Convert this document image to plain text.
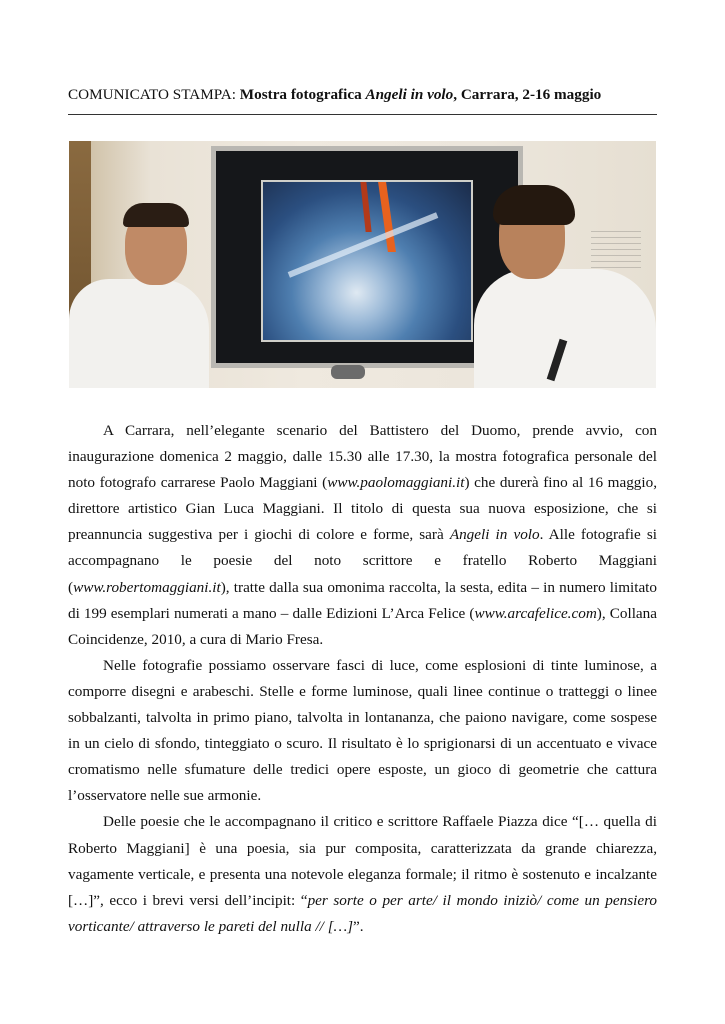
COMUNICATO STAMPA: Mostra fotografica Angeli in volo, Carrara, 2-16 maggio

A Carrara, nell’elegante scenario del Battistero del Duomo, prende avvio, con inaugurazione domenica 2 maggio, dalle 15.30 alle 17.30, la mostra fotografica personale del noto fotografo carrarese Paolo Maggiani (www.paolomaggiani.it) che durerà fino al 16 maggio, direttore artistico Gian Luca Maggiani. Il titolo di questa sua nuova esposizione, che si preannuncia suggestiva per i giochi di colore e forme, sarà Angeli in volo. Alle fotografie si accompagnano le poesie del noto scrittore e fratello Roberto Maggiani (www.robertomaggiani.it), tratte dalla sua omonima raccolta, la sesta, edita – in numero limitato di 199 esemplari numerati a mano – dalle Edizioni L’Arca Felice (www.arcafelice.com), Collana Coincidenze, 2010, a cura di Mario Fresa.

Nelle fotografie possiamo osservare fasci di luce, come esplosioni di tinte luminose, a comporre disegni e arabeschi. Stelle e forme luminose, quali linee continue o tratteggi o linee sobbalzanti, talvolta in primo piano, talvolta in lontananza, che paiono navigare, come sospese in un cielo di sfondo, tinteggiato o scuro. Il risultato è lo sprigionarsi di un accentuato e vivace cromatismo nelle sfumature delle tredici opere esposte, un gioco di geometrie che cattura l’osservatore nelle sue armonie.

Delle poesie che le accompagnano il critico e scrittore Raffaele Piazza dice “[… quella di Roberto Maggiani] è una poesia, sia pur composita, caratterizzata da grande chiarezza, vagamente verticale, e presenta una notevole eleganza formale; il ritmo è sostenuto e incalzante […]”, ecco i brevi versi dell’incipit: “per sorte o per arte/ il mondo iniziò/ come un pensiero vorticante/ attraverso le pareti del nulla // […]”.
